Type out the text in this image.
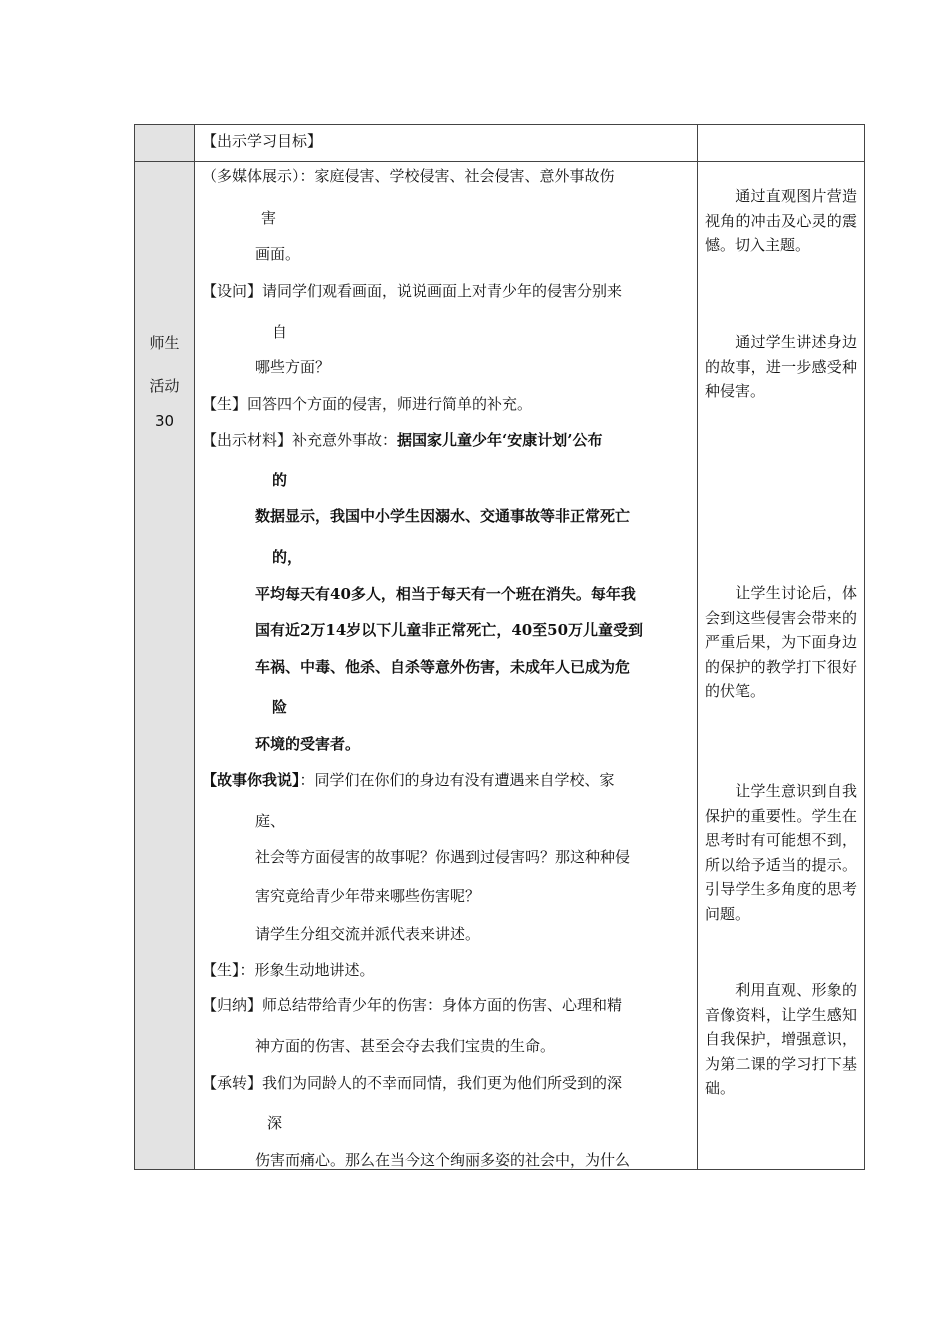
【出示学习目标】
师生
活动
30
（多媒体展示）：家庭侵害、学校侵害、社会侵害、意外事故伤
害
画面。
【设问】请同学们观看画面，说说画面上对青少年的侵害分别来
自
哪些方面？
【生】回答四个方面的侵害，师进行简单的补充。
【出示材料】补充意外事故：据国家儿童少年‘安康计划’公布
的
数据显示，我国中小学生因溺水、交通事故等非正常死亡
的，
平均每天有40多人，相当于每天有一个班在消失。每年我
国有近2万14岁以下儿童非正常死亡，40至50万儿童受到
车祸、中毒、他杀、自杀等意外伤害，未成年人已成为危
险
环境的受害者。
【故事你我说】：同学们在你们的身边有没有遭遇来自学校、家
庭、
社会等方面侵害的故事呢？你遇到过侵害吗？那这种种侵
害究竟给青少年带来哪些伤害呢？
请学生分组交流并派代表来讲述。
【生】：形象生动地讲述。
【归纳】师总结带给青少年的伤害：身体方面的伤害、心理和精
神方面的伤害、甚至会夺去我们宝贵的生命。
【承转】我们为同龄人的不幸而同情，我们更为他们所受到的深
深
伤害而痛心。那么在当今这个绚丽多姿的社会中，为什么
通过直观图片营造视角的冲击及心灵的震憾。切入主题。
通过学生讲述身边的故事，进一步感受种种侵害。
让学生讨论后，体会到这些侵害会带来的严重后果，为下面身边的保护的教学打下很好的伏笔。
让学生意识到自我保护的重要性。学生在思考时有可能想不到，所以给予适当的提示。引导学生多角度的思考问题。
利用直观、形象的音像资料，让学生感知自我保护，增强意识，为第二课的学习打下基础。
